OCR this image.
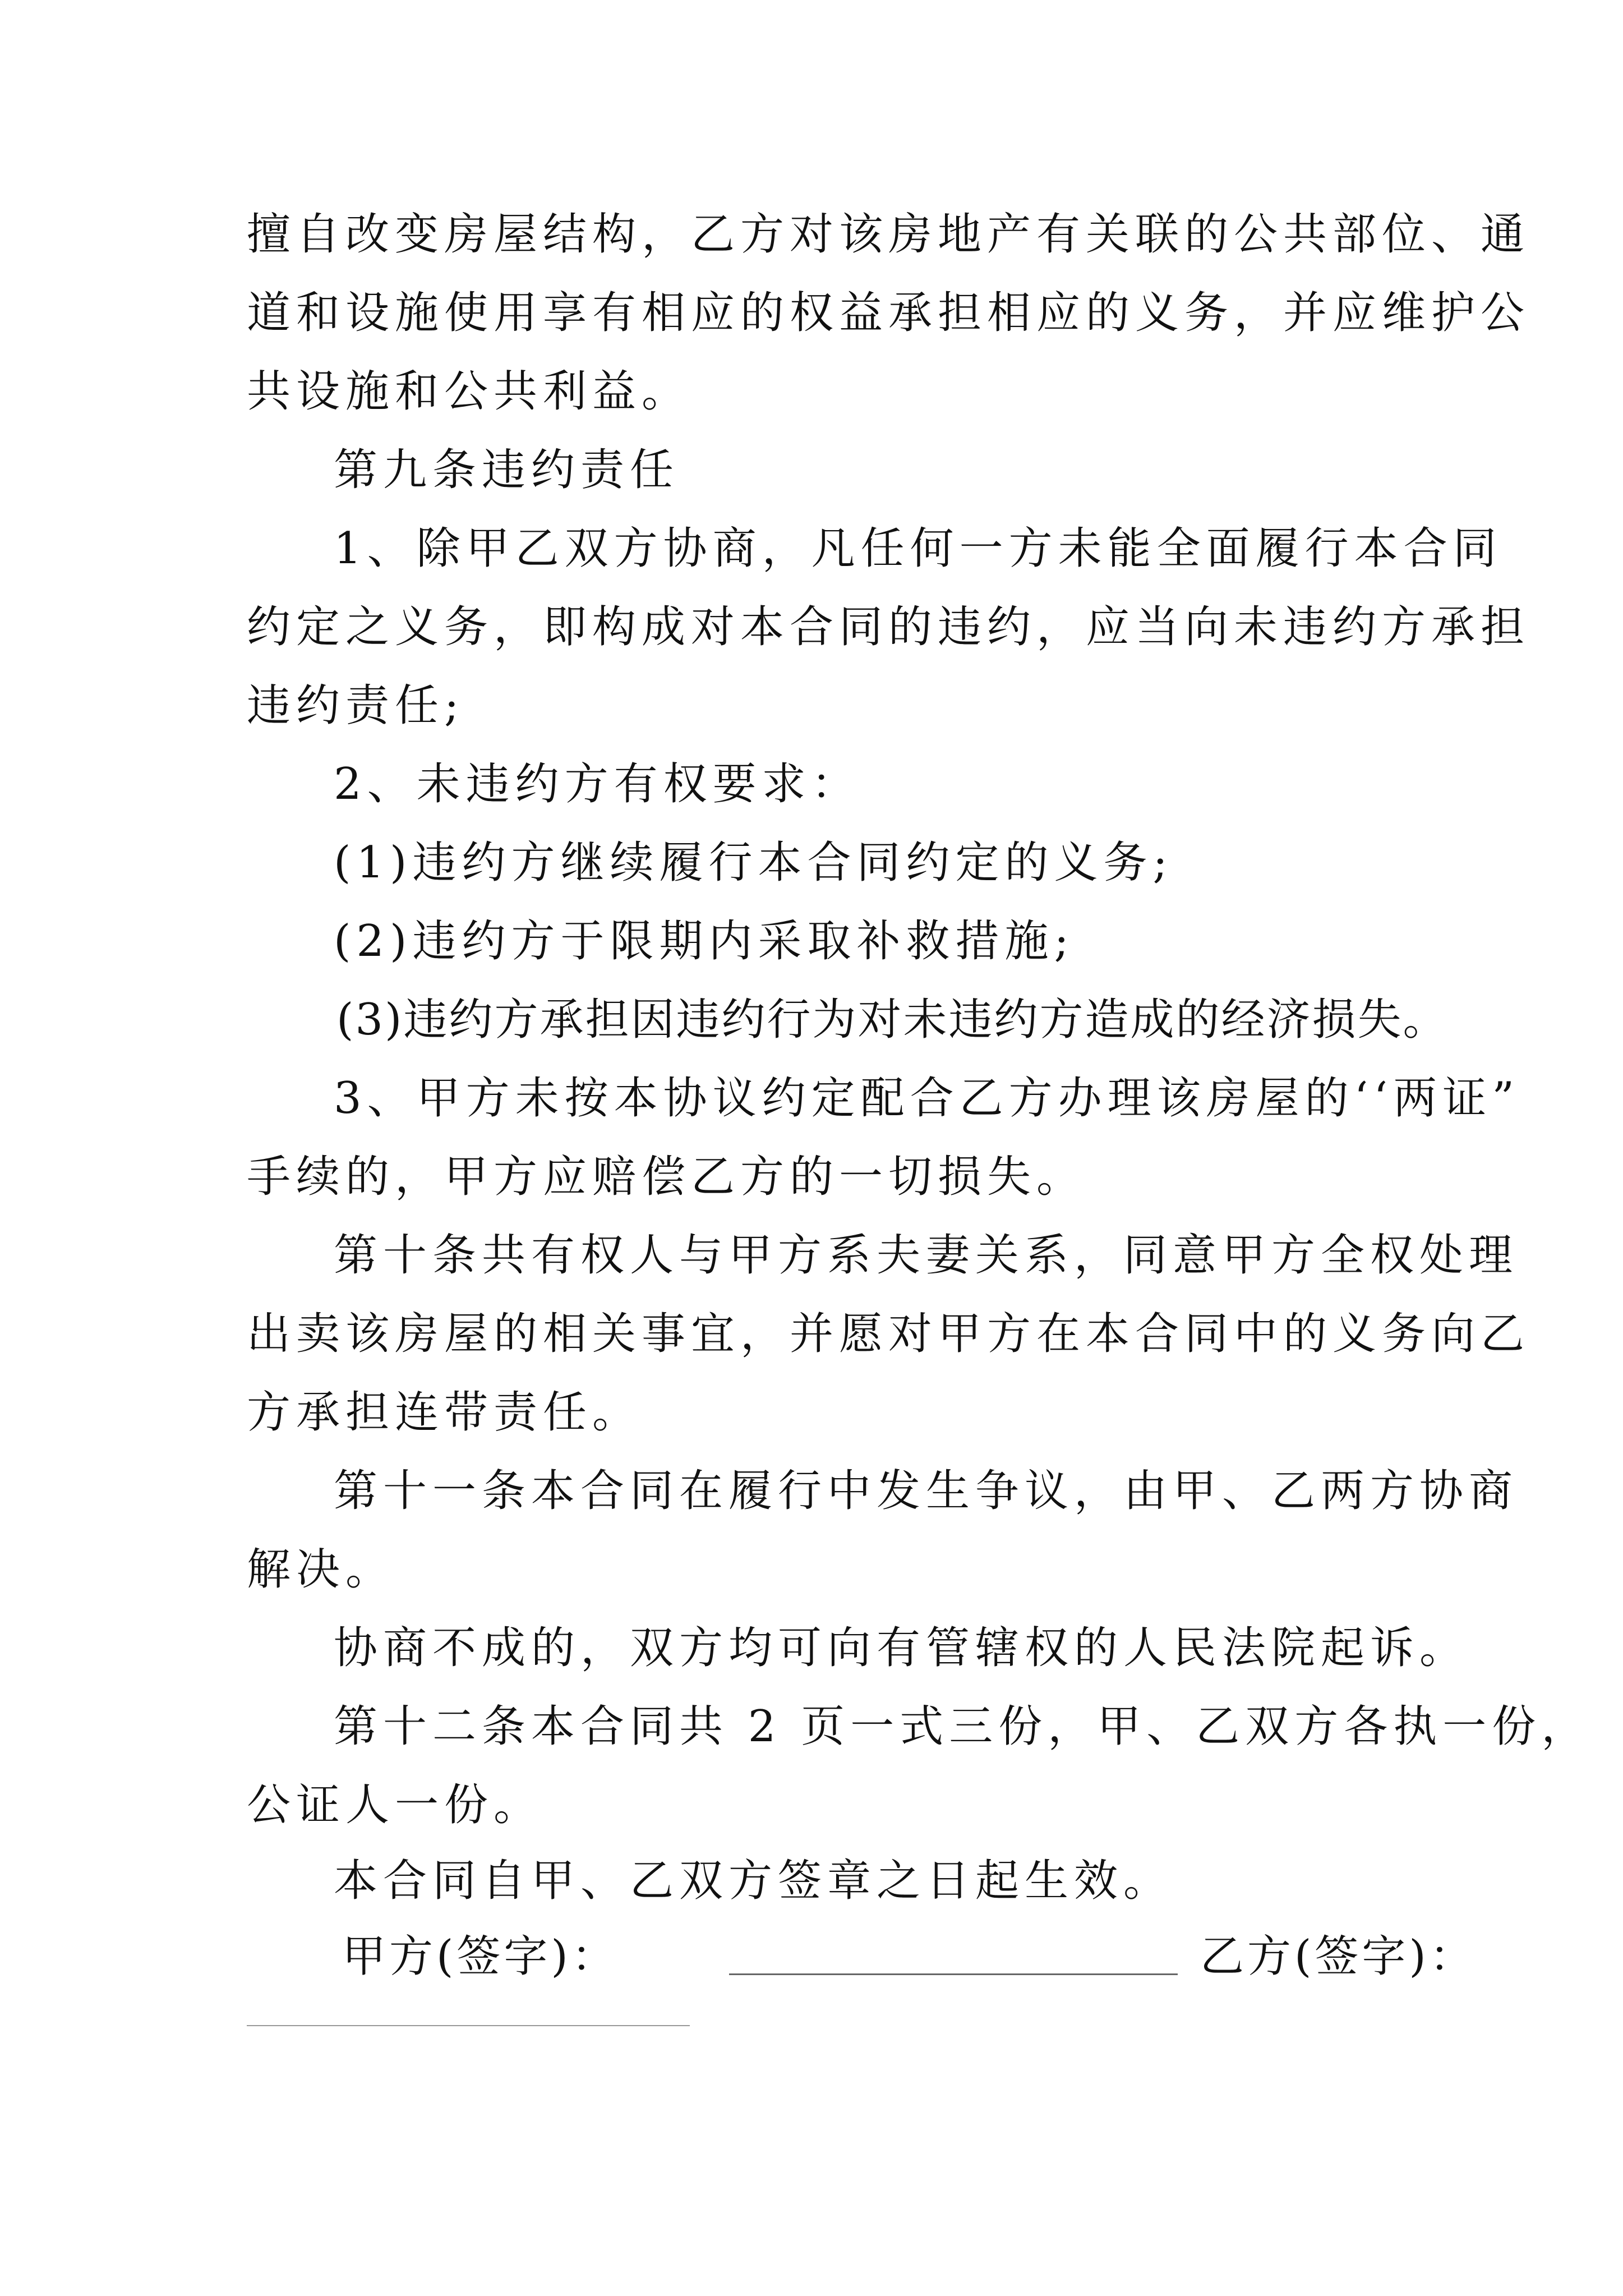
擅自改变房屋结构，乙方对该房地产有关联的公共部位、通
道和设施使用享有相应的权益承担相应的义务，并应维护公
共设施和公共利益。
第九条违约责任
1、除甲乙双方协商，凡任何一方未能全面履行本合同
约定之义务，即构成对本合同的违约，应当向未违约方承担
违约责任;
2、未违约方有权要求：
(1)违约方继续履行本合同约定的义务;
(2)违约方于限期内采取补救措施;
(3)违约方承担因违约行为对未违约方造成的经济损失。
3、甲方未按本协议约定配合乙方办理该房屋的‘‘两证”
手续的，甲方应赔偿乙方的一切损失。
第十条共有权人与甲方系夫妻关系，同意甲方全权处理
出卖该房屋的相关事宜，并愿对甲方在本合同中的义务向乙
方承担连带责任。
第十一条本合同在履行中发生争议，由甲、乙两方协商
解决。
协商不成的，双方均可向有管辖权的人民法院起诉。
第十二条本合同共 2 页一式三份，甲、乙双方各执一份，
公证人一份。
本合同自甲、乙双方签章之日起生效。
甲方(签字)：	乙方(签字)：
